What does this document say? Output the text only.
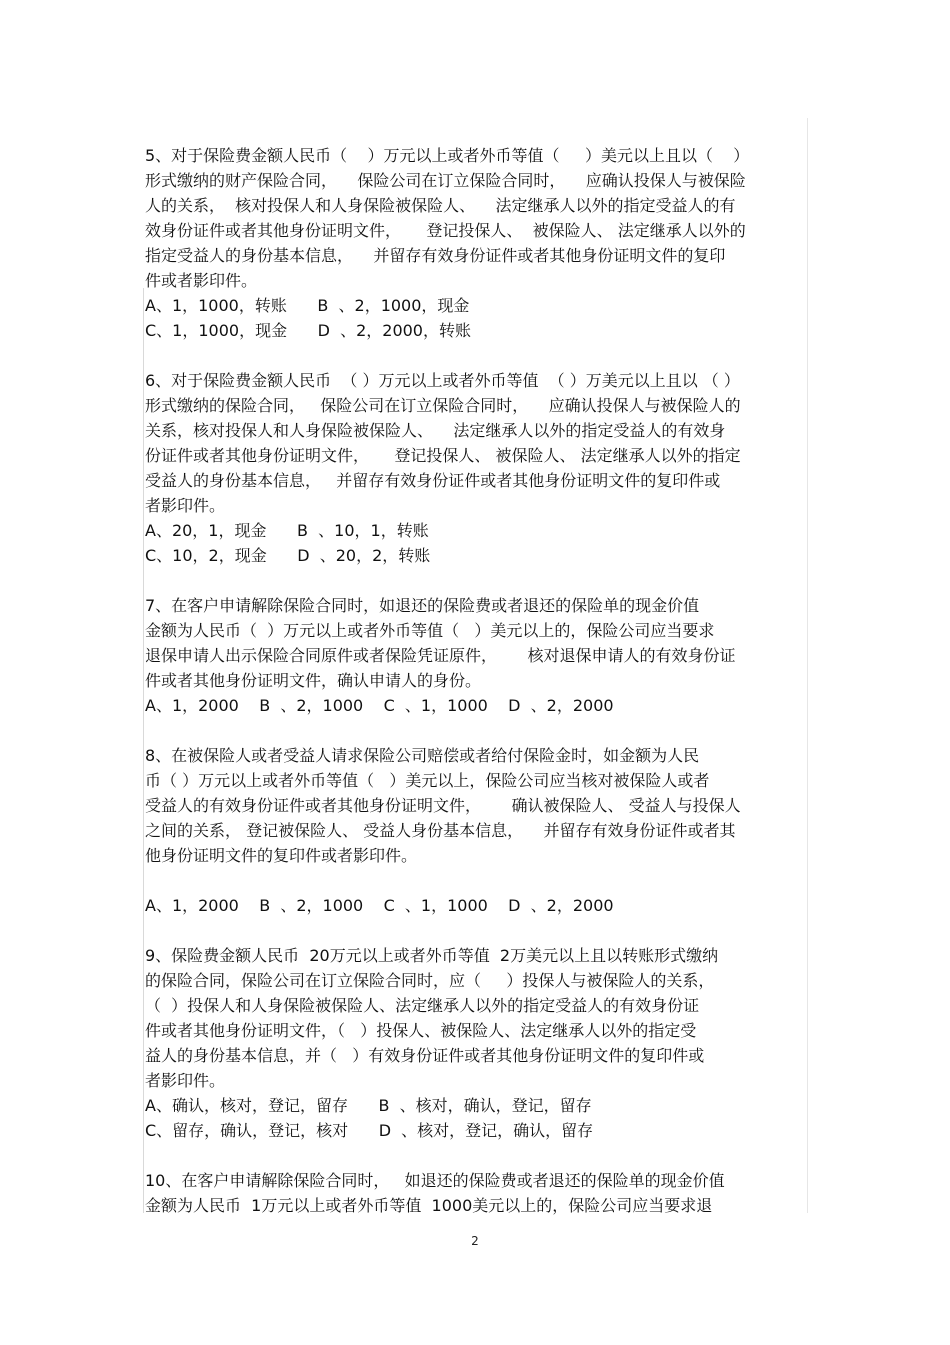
5、对于保险费金额人民币（    ）万元以上或者外币等值（     ）美元以上且以（    ）
形式缴纳的财产保险合同，    保险公司在订立保险合同时，    应确认投保人与被保险
人的关系，  核对投保人和人身保险被保险人、    法定继承人以外的指定受益人的有
效身份证件或者其他身份证明文件，     登记投保人、  被保险人、 法定继承人以外的
指定受益人的身份基本信息，    并留存有效身份证件或者其他身份证明文件的复印
件或者影印件。
A、1，1000，转账      B  、2，1000，现金
C、1，1000，现金      D  、2，2000，转账
6、对于保险费金额人民币  （ ）万元以上或者外币等值  （ ）万美元以上且以 （ ）
形式缴纳的保险合同，   保险公司在订立保险合同时，    应确认投保人与被保险人的
关系，核对投保人和人身保险被保险人、    法定继承人以外的指定受益人的有效身
份证件或者其他身份证明文件，     登记投保人、 被保险人、 法定继承人以外的指定
受益人的身份基本信息，   并留存有效身份证件或者其他身份证明文件的复印件或
者影印件。
A、20，1，现金      B  、10，1，转账
C、10，2，现金      D  、20，2，转账
7、在客户申请解除保险合同时，如退还的保险费或者退还的保险单的现金价值
金额为人民币（  ）万元以上或者外币等值（   ）美元以上的，保险公司应当要求
退保申请人出示保险合同原件或者保险凭证原件，      核对退保申请人的有效身份证
件或者其他身份证明文件，确认申请人的身份。
A、1，2000    B  、2，1000    C  、1，1000    D  、2，2000
8、在被保险人或者受益人请求保险公司赔偿或者给付保险金时，如金额为人民
币（ ）万元以上或者外币等值（   ）美元以上，保险公司应当核对被保险人或者
受益人的有效身份证件或者其他身份证明文件，      确认被保险人、 受益人与投保人
之间的关系， 登记被保险人、 受益人身份基本信息，    并留存有效身份证件或者其
他身份证明文件的复印件或者影印件。
A、1，2000    B  、2，1000    C  、1，1000    D  、2，2000
9、保险费金额人民币  20万元以上或者外币等值  2万美元以上且以转账形式缴纳
的保险合同，保险公司在订立保险合同时，应（     ）投保人与被保险人的关系，
（  ）投保人和人身保险被保险人、法定继承人以外的指定受益人的有效身份证
件或者其他身份证明文件，（   ）投保人、被保险人、法定继承人以外的指定受
益人的身份基本信息，并（   ）有效身份证件或者其他身份证明文件的复印件或
者影印件。
A、确认，核对，登记，留存      B  、核对，确认，登记，留存
C、留存，确认，登记，核对      D  、核对，登记，确认，留存
10、在客户申请解除保险合同时，   如退还的保险费或者退还的保险单的现金价值
金额为人民币  1万元以上或者外币等值  1000美元以上的，保险公司应当要求退
2
